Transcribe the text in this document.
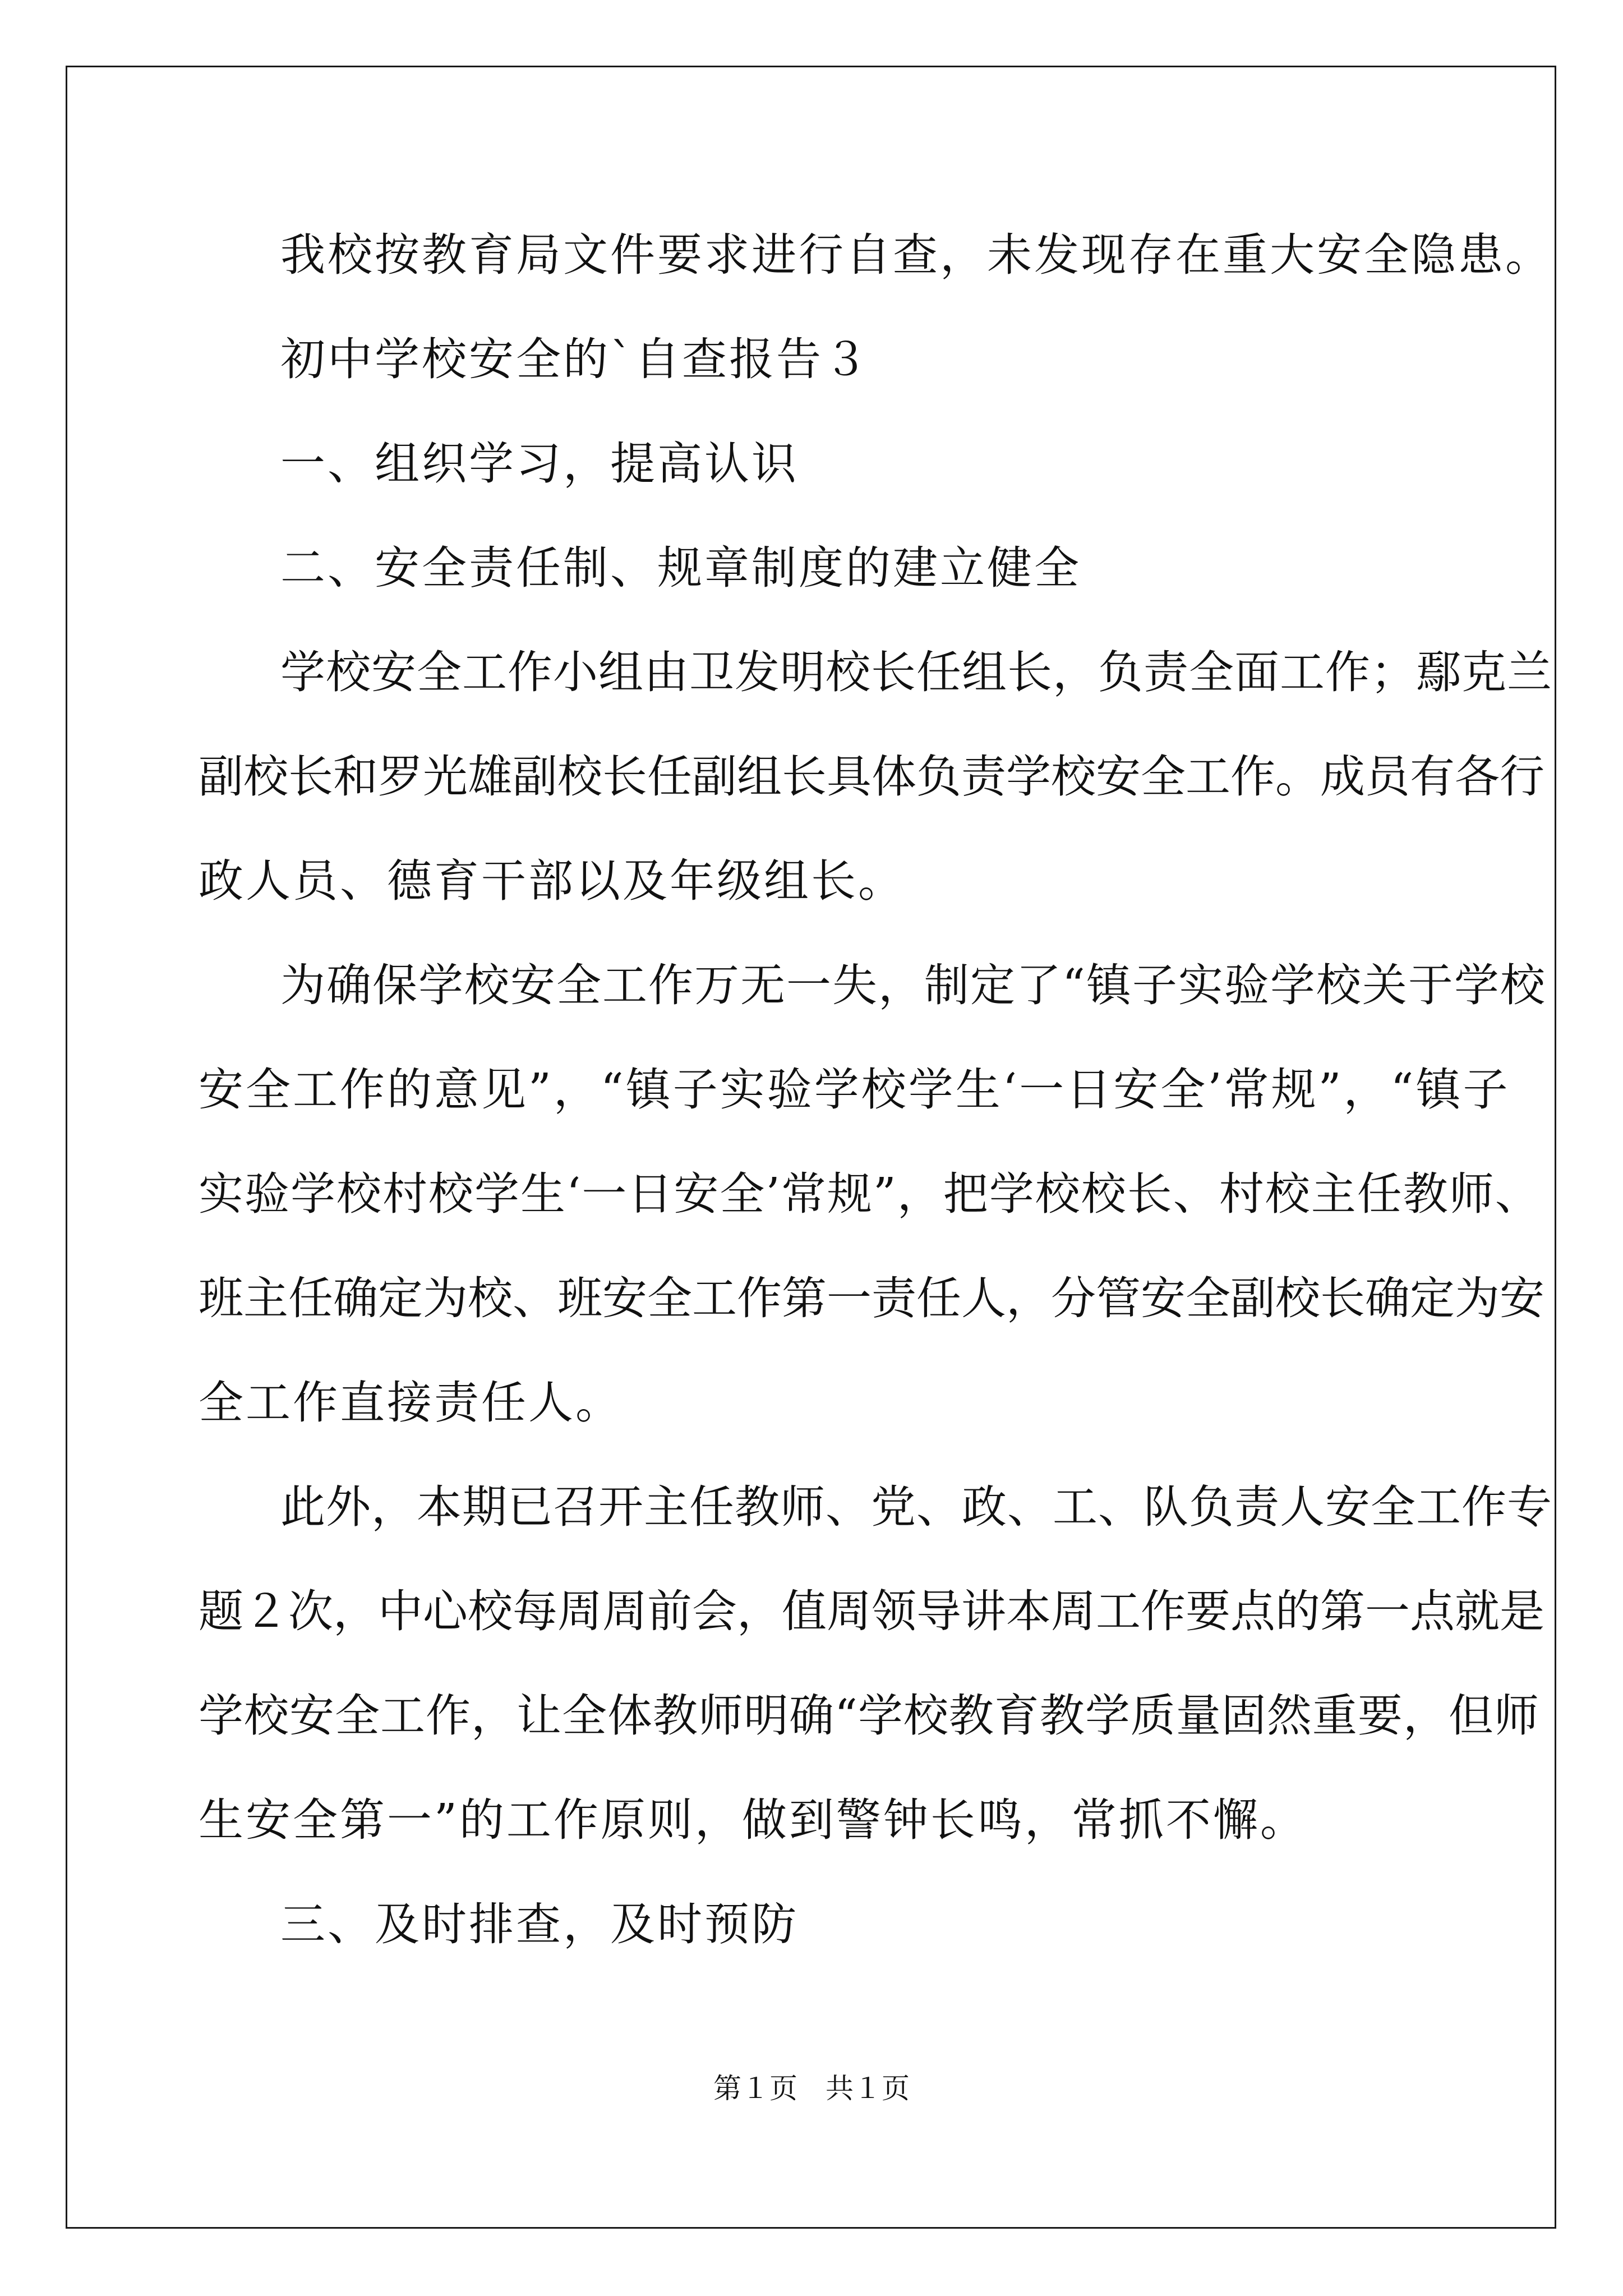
我校按教育局文件要求进行自查，未发现存在重大安全隐患。
初中学校安全的`自查报告３
一、组织学习，提高认识
二、安全责任制、规章制度的建立健全
学校安全工作小组由卫发明校长任组长，负责全面工作；鄢克兰
副校长和罗光雄副校长任副组长具体负责学校安全工作。成员有各行
政人员、德育干部以及年级组长。
为确保学校安全工作万无一失，制定了“镇子实验学校关于学校
安全工作的意见”，“镇子实验学校学生‘一日安全’常规”，“镇子
实验学校村校学生‘一日安全’常规”，把学校校长、村校主任教师、
班主任确定为校、班安全工作第一责任人，分管安全副校长确定为安
全工作直接责任人。
此外，本期已召开主任教师、党、政、工、队负责人安全工作专
题２次，中心校每周周前会，值周领导讲本周工作要点的第一点就是
学校安全工作，让全体教师明确“学校教育教学质量固然重要，但师
生安全第一”的工作原则，做到警钟长鸣，常抓不懈。
三、及时排查，及时预防
第１页　共１页
